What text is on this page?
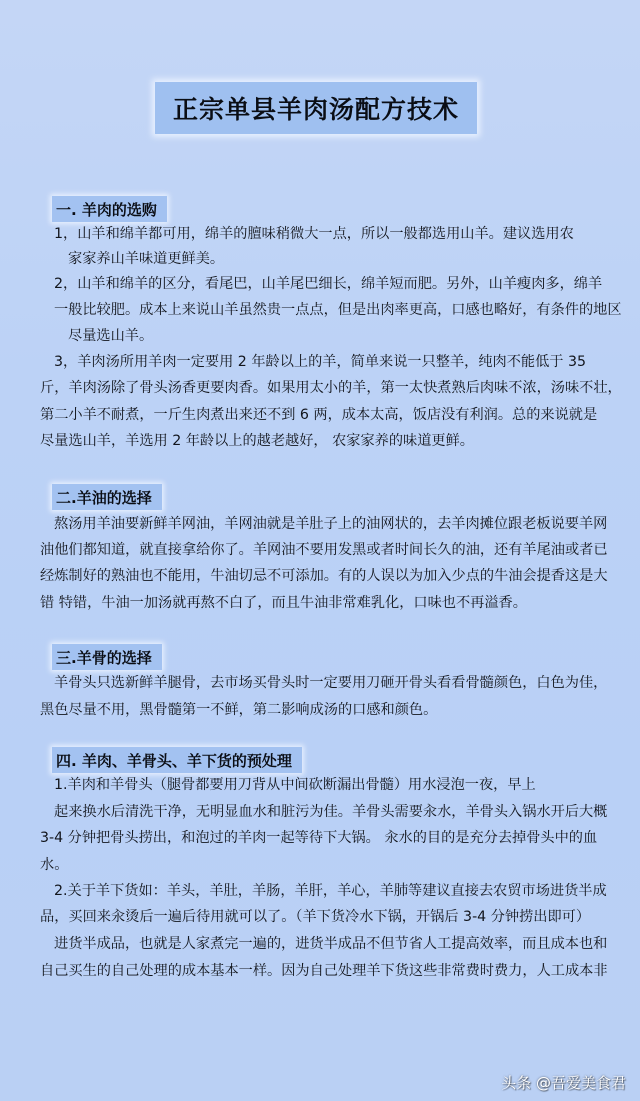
正宗单县羊肉汤配方技术
一. 羊肉的选购
1，山羊和绵羊都可用，绵羊的膻味稍微大一点，所以一般都选用山羊。建议选用农
家家养山羊味道更鲜美。
2，山羊和绵羊的区分，看尾巴，山羊尾巴细长，绵羊短而肥。另外，山羊瘦肉多，绵羊
一般比较肥。成本上来说山羊虽然贵一点点，但是出肉率更高，口感也略好，有条件的地区
尽量选山羊。
3，羊肉汤所用羊肉一定要用 2 年龄以上的羊，简单来说一只整羊，纯肉不能低于 35
斤，羊肉汤除了骨头汤香更要肉香。如果用太小的羊，第一太快煮熟后肉味不浓，汤味不壮，
第二小羊不耐煮，一斤生肉煮出来还不到 6 两，成本太高，饭店没有利润。总的来说就是
尽量选山羊，羊选用 2 年龄以上的越老越好， 农家家养的味道更鲜。
二.羊油的选择
熬汤用羊油要新鲜羊网油，羊网油就是羊肚子上的油网状的，去羊肉摊位跟老板说要羊网
油他们都知道，就直接拿给你了。羊网油不要用发黑或者时间长久的油，还有羊尾油或者已
经炼制好的熟油也不能用，牛油切忌不可添加。有的人误以为加入少点的牛油会提香这是大
错 特错，牛油一加汤就再熬不白了，而且牛油非常难乳化，口味也不再溢香。
三.羊骨的选择
羊骨头只选新鲜羊腿骨，去市场买骨头时一定要用刀砸开骨头看看骨髓颜色，白色为佳，
黑色尽量不用，黑骨髓第一不鲜，第二影响成汤的口感和颜色。
四. 羊肉、羊骨头、羊下货的预处理
1.羊肉和羊骨头（腿骨都要用刀背从中间砍断漏出骨髓）用水浸泡一夜，早上
起来换水后清洗干净，无明显血水和脏污为佳。羊骨头需要汆水，羊骨头入锅水开后大概
3-4 分钟把骨头捞出，和泡过的羊肉一起等待下大锅。 汆水的目的是充分去掉骨头中的血
水。
2.关于羊下货如：羊头，羊肚，羊肠，羊肝，羊心，羊肺等建议直接去农贸市场进货半成
品，买回来汆烫后一遍后待用就可以了。（羊下货冷水下锅，开锅后 3-4 分钟捞出即可）
进货半成品，也就是人家煮完一遍的，进货半成品不但节省人工提高效率，而且成本也和
自己买生的自己处理的成本基本一样。因为自己处理羊下货这些非常费时费力，人工成本非
头条 @吾爱美食君
